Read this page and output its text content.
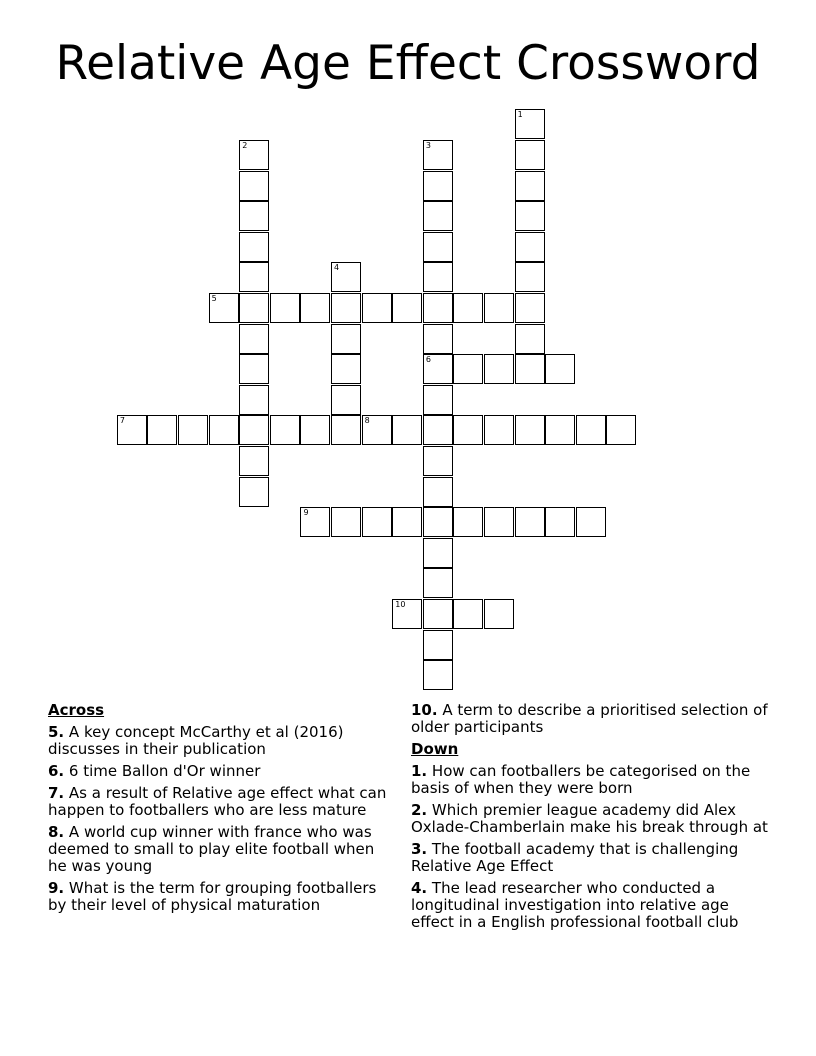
Relative Age Effect Crossword
1
2	3
6
4
5
7	8
9
10
Across
5. A key concept McCarthy et al (2016) discusses in their publication
6. 6 time Ballon d'Or winner
7. As a result of Relative age effect what can happen to footballers who are less mature
8. A world cup winner with france who was deemed to small to play elite football when he was young
9. What is the term for grouping footballers by their level of physical maturation
10. A term to describe a prioritised selection of older participants
Down
1. How can footballers be categorised on the basis of when they were born
2. Which premier league academy did Alex Oxlade-Chamberlain make his break through at
3. The football academy that is challenging Relative Age Effect
4. The lead researcher who conducted a longitudinal investigation into relative age effect in a English professional football club
